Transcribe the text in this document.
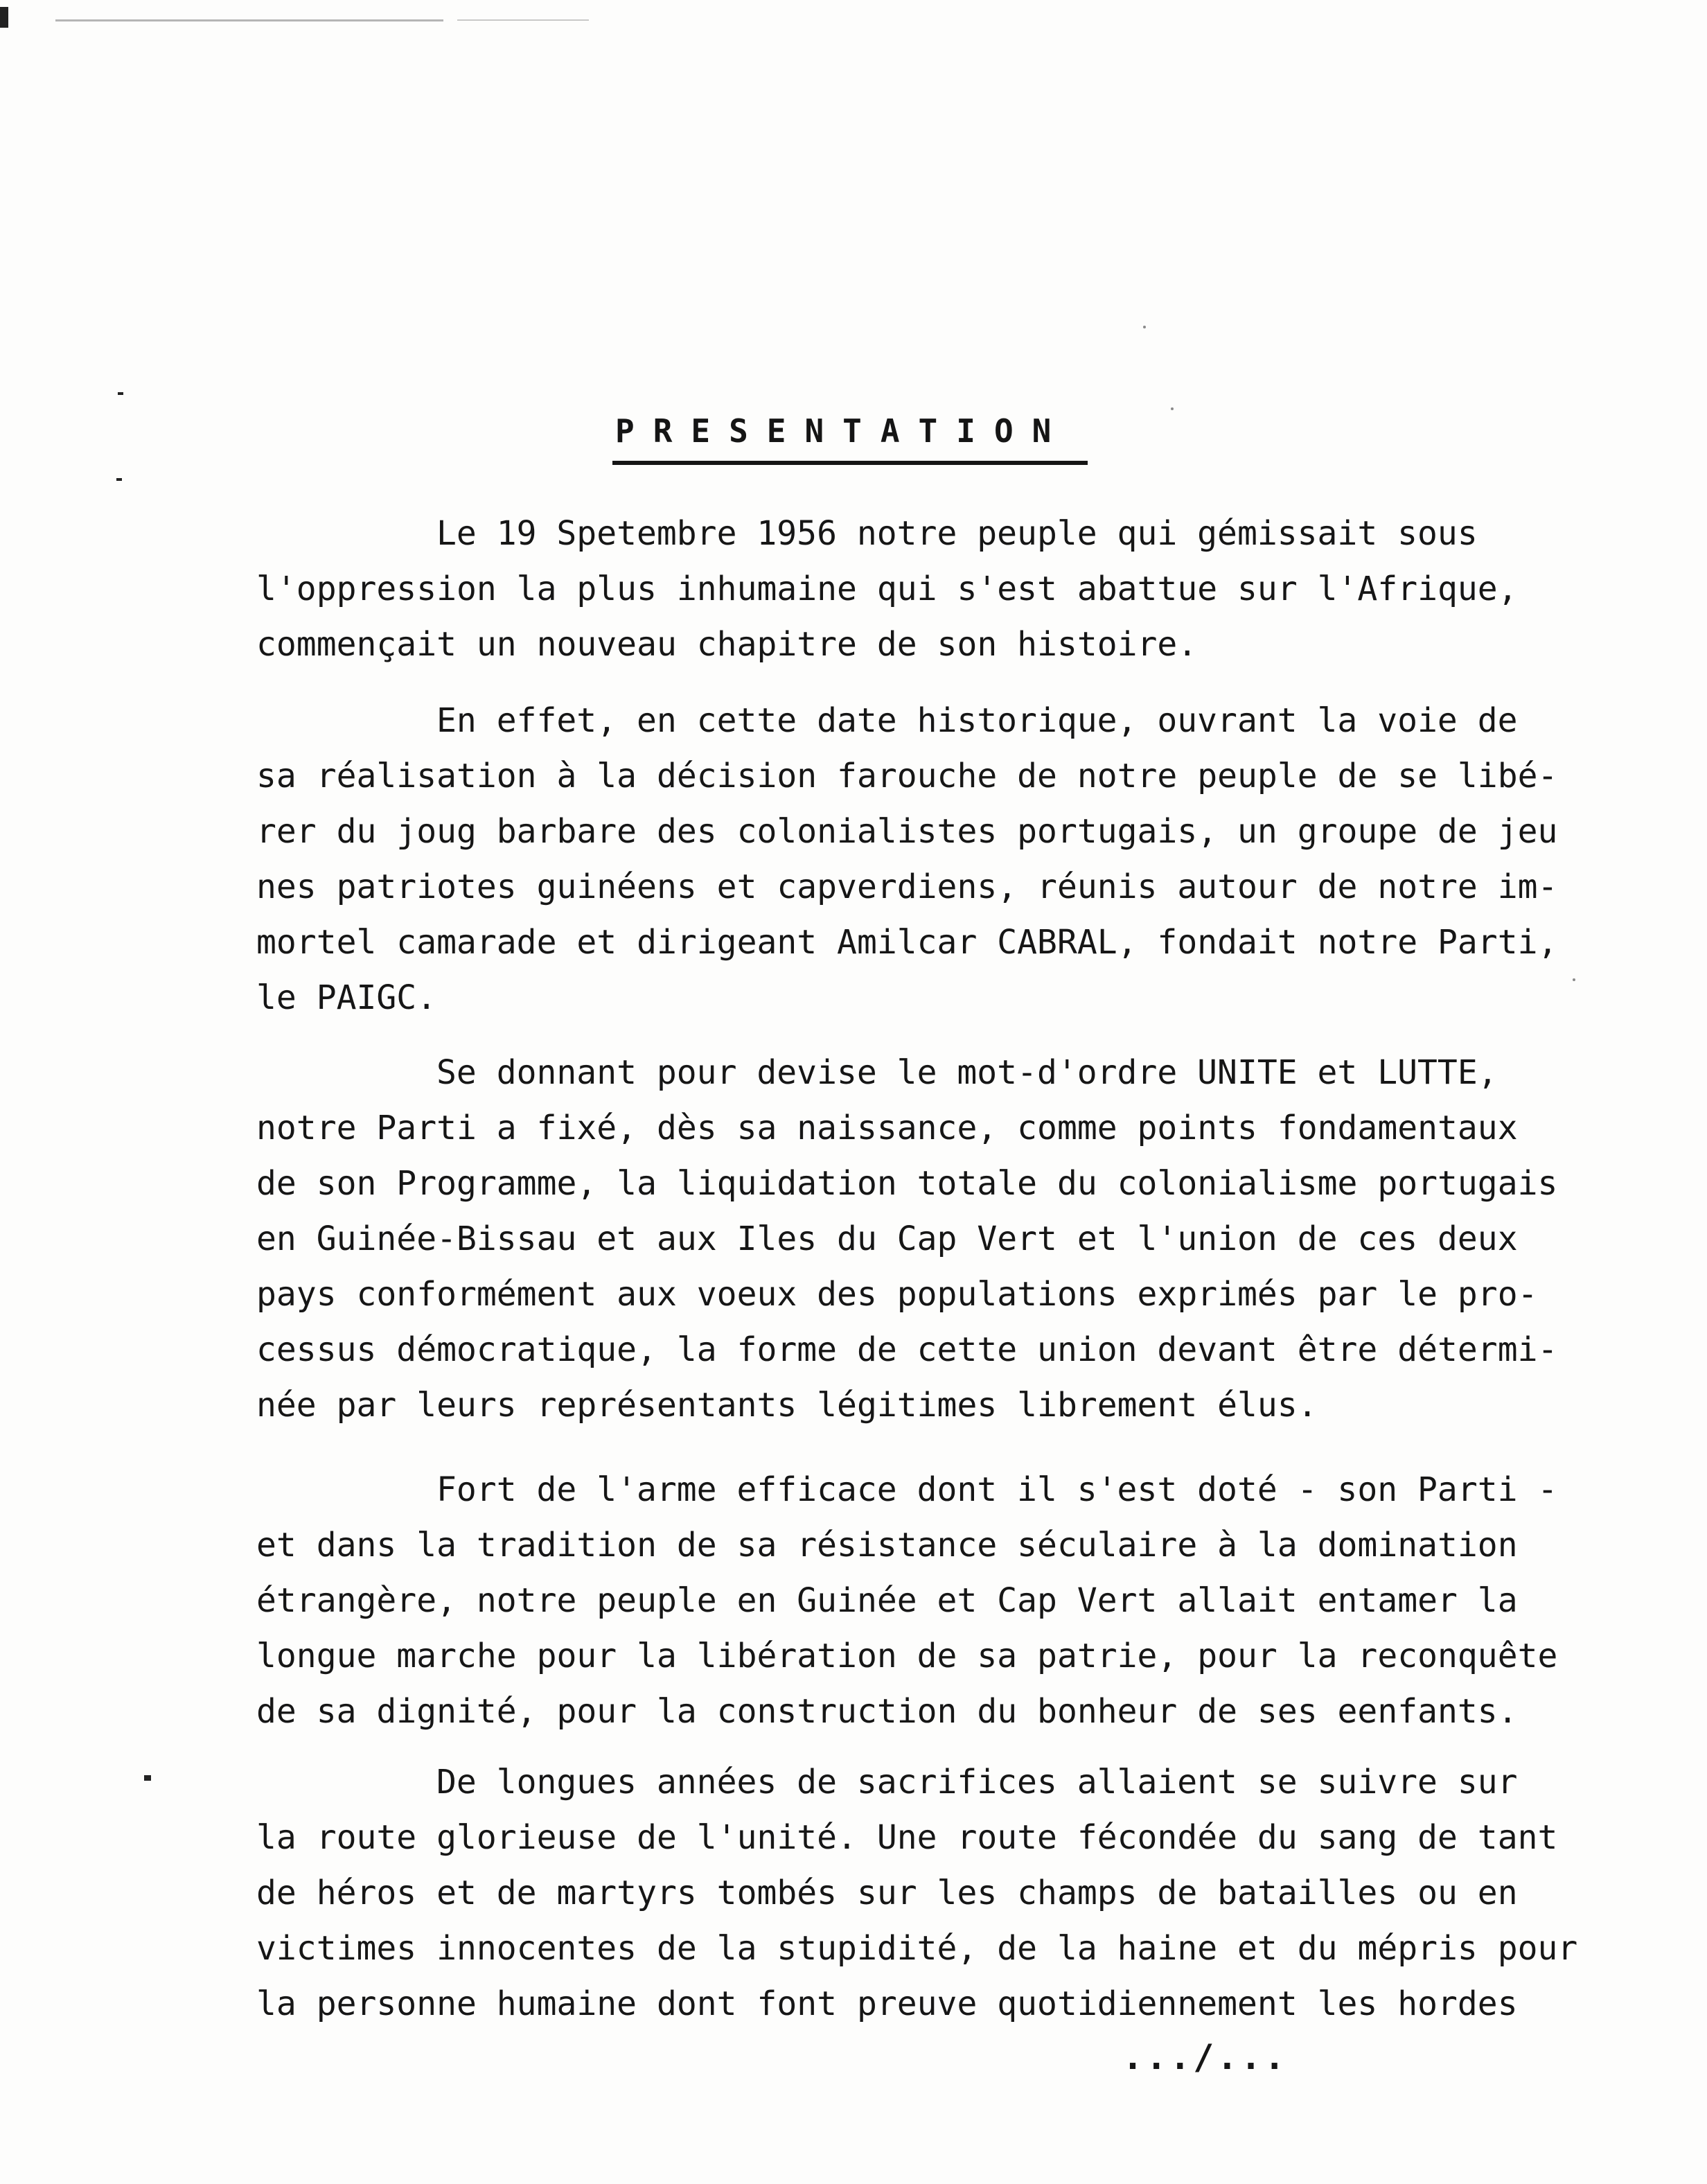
PRESENTATION
Le 19 Spetembre 1956 notre peuple qui gémissait sous
l'oppression la plus inhumaine qui s'est abattue sur l'Afrique,
commençait un nouveau chapitre de son histoire.
En effet, en cette date historique, ouvrant la voie de
sa réalisation à la décision farouche de notre peuple de se libé-
rer du joug barbare des colonialistes portugais, un groupe de jeu
nes patriotes guinéens et capverdiens, réunis autour de notre im-
mortel camarade et dirigeant Amilcar CABRAL, fondait notre Parti,
le PAIGC.
Se donnant pour devise le mot-d'ordre UNITE et LUTTE,
notre Parti a fixé, dès sa naissance, comme points fondamentaux
de son Programme, la liquidation totale du colonialisme portugais
en Guinée-Bissau et aux Iles du Cap Vert et l'union de ces deux
pays conformément aux voeux des populations exprimés par le pro-
cessus démocratique, la forme de cette union devant être détermi-
née par leurs représentants légitimes librement élus.
Fort de l'arme efficace dont il s'est doté - son Parti -
et dans la tradition de sa résistance séculaire à la domination
étrangère, notre peuple en Guinée et Cap Vert allait entamer la
longue marche pour la libération de sa patrie, pour la reconquête
de sa dignité, pour la construction du bonheur de ses eenfants.
De longues années de sacrifices allaient se suivre sur
la route glorieuse de l'unité. Une route fécondée du sang de tant
de héros et de martyrs tombés sur les champs de batailles ou en
victimes innocentes de la stupidité, de la haine et du mépris pour
la personne humaine dont font preuve quotidiennement les hordes
.../...
